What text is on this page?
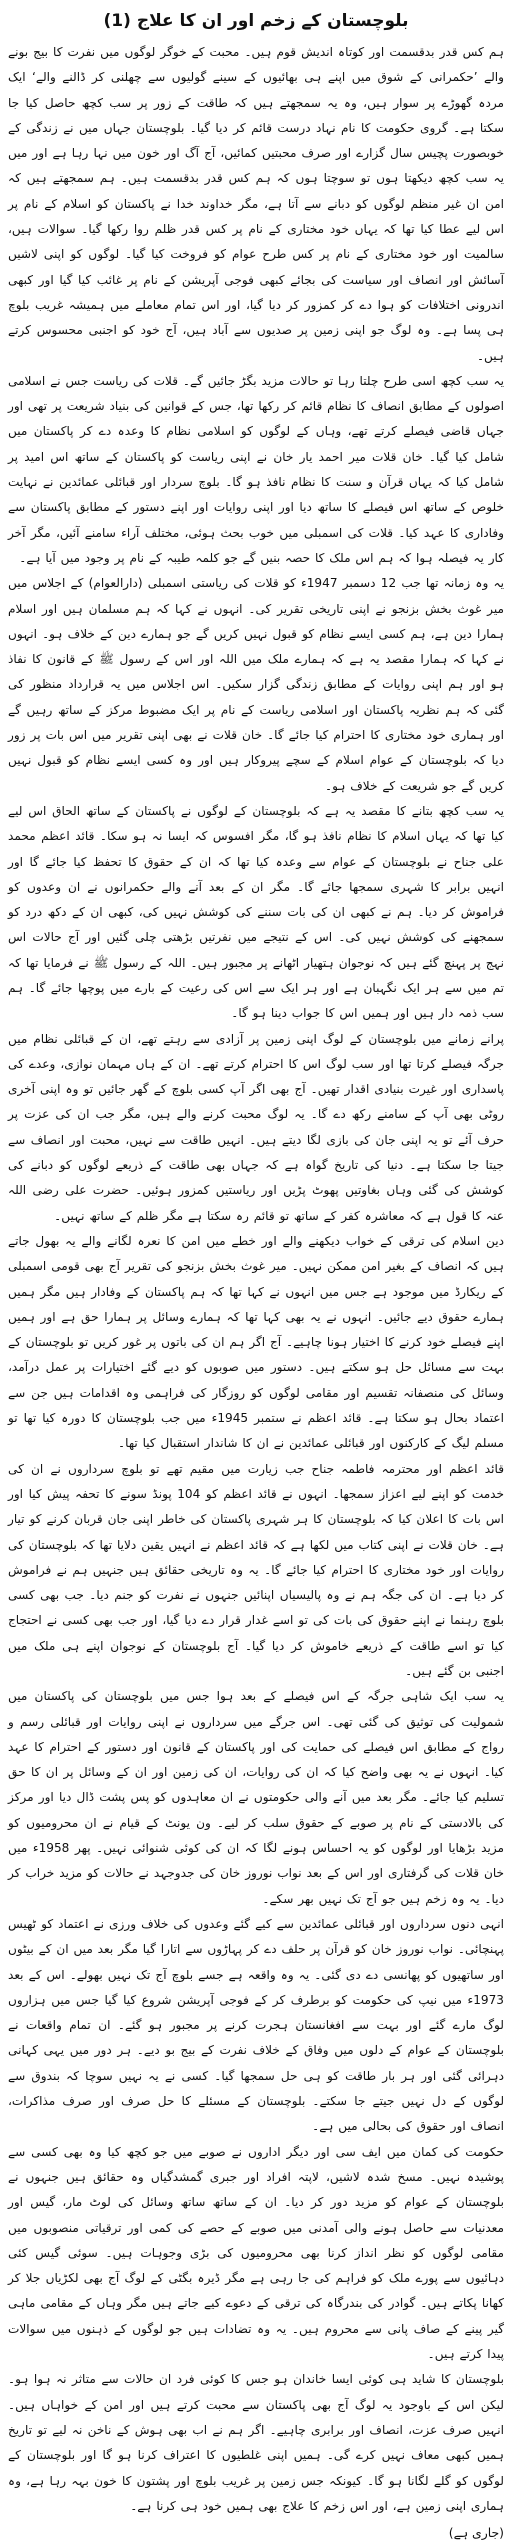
بلوچستان کے زخم اور ان کا علاج (1)

ہم کس قدر بدقسمت اور کوتاہ اندیش قوم ہیں۔ محبت کے خوگر لوگوں میں نفرت کا بیج بونے والے ’حکمرانی کے شوق میں اپنے ہی بھائیوں کے سینے گولیوں سے چھلنی کر ڈالنے والے‘ ایک مردہ گھوڑے پر سوار ہیں، وہ یہ سمجھتے ہیں کہ طاقت کے زور پر سب کچھ حاصل کیا جا سکتا ہے۔ گروی حکومت کا نام نہاد درست قائم کر دیا گیا۔ بلوچستان جہاں میں نے زندگی کے خوبصورت پچیس سال گزارے اور صرف محبتیں کمائیں، آج آگ اور خون میں نہا رہا ہے اور میں یہ سب کچھ دیکھتا ہوں تو سوچتا ہوں کہ ہم کس قدر بدقسمت ہیں۔ ہم سمجھتے ہیں کہ امن ان غیر منظم لوگوں کو دبانے سے آتا ہے، مگر خداوند خدا نے پاکستان کو اسلام کے نام پر اس لیے عطا کیا تھا کہ یہاں خود مختاری کے نام پر کس قدر ظلم روا رکھا گیا۔ سوالات ہیں، سالمیت اور خود مختاری کے نام پر کس طرح عوام کو فروخت کیا گیا۔ لوگوں کو اپنی لاشیں آسائش اور انصاف اور سیاست کی بجائے کبھی فوجی آپریشن کے نام پر غائب کیا گیا اور کبھی اندرونی اختلافات کو ہوا دے کر کمزور کر دیا گیا، اور اس تمام معاملے میں ہمیشہ غریب بلوچ ہی پسا ہے۔ وہ لوگ جو اپنی زمین پر صدیوں سے آباد ہیں، آج خود کو اجنبی محسوس کرتے ہیں۔

یہ سب کچھ اسی طرح چلتا رہا تو حالات مزید بگڑ جائیں گے۔ قلات کی ریاست جس نے اسلامی اصولوں کے مطابق انصاف کا نظام قائم کر رکھا تھا، جس کے قوانین کی بنیاد شریعت پر تھی اور جہاں قاضی فیصلے کرتے تھے، وہاں کے لوگوں کو اسلامی نظام کا وعدہ دے کر پاکستان میں شامل کیا گیا۔ خان قلات میر احمد یار خان نے اپنی ریاست کو پاکستان کے ساتھ اس امید پر شامل کیا کہ یہاں قرآن و سنت کا نظام نافذ ہو گا۔ بلوچ سردار اور قبائلی عمائدین نے نہایت خلوص کے ساتھ اس فیصلے کا ساتھ دیا اور اپنی روایات اور اپنے دستور کے مطابق پاکستان سے وفاداری کا عہد کیا۔ قلات کی اسمبلی میں خوب بحث ہوئی، مختلف آراء سامنے آئیں، مگر آخر کار یہ فیصلہ ہوا کہ ہم اس ملک کا حصہ بنیں گے جو کلمہ طیبہ کے نام پر وجود میں آیا ہے۔

یہ وہ زمانہ تھا جب 12 دسمبر 1947ء کو قلات کی ریاستی اسمبلی (دارالعوام) کے اجلاس میں میر غوث بخش بزنجو نے اپنی تاریخی تقریر کی۔ انہوں نے کہا کہ ہم مسلمان ہیں اور اسلام ہمارا دین ہے، ہم کسی ایسے نظام کو قبول نہیں کریں گے جو ہمارے دین کے خلاف ہو۔ انہوں نے کہا کہ ہمارا مقصد یہ ہے کہ ہمارے ملک میں اللہ اور اس کے رسول ﷺ کے قانون کا نفاذ ہو اور ہم اپنی روایات کے مطابق زندگی گزار سکیں۔ اس اجلاس میں یہ قرارداد منظور کی گئی کہ ہم نظریہ پاکستان اور اسلامی ریاست کے نام پر ایک مضبوط مرکز کے ساتھ رہیں گے اور ہماری خود مختاری کا احترام کیا جائے گا۔ خان قلات نے بھی اپنی تقریر میں اس بات پر زور دیا کہ بلوچستان کے عوام اسلام کے سچے پیروکار ہیں اور وہ کسی ایسے نظام کو قبول نہیں کریں گے جو شریعت کے خلاف ہو۔

یہ سب کچھ بتانے کا مقصد یہ ہے کہ بلوچستان کے لوگوں نے پاکستان کے ساتھ الحاق اس لیے کیا تھا کہ یہاں اسلام کا نظام نافذ ہو گا، مگر افسوس کہ ایسا نہ ہو سکا۔ قائد اعظم محمد علی جناح نے بلوچستان کے عوام سے وعدہ کیا تھا کہ ان کے حقوق کا تحفظ کیا جائے گا اور انہیں برابر کا شہری سمجھا جائے گا۔ مگر ان کے بعد آنے والے حکمرانوں نے ان وعدوں کو فراموش کر دیا۔ ہم نے کبھی ان کی بات سننے کی کوشش نہیں کی، کبھی ان کے دکھ درد کو سمجھنے کی کوشش نہیں کی۔ اس کے نتیجے میں نفرتیں بڑھتی چلی گئیں اور آج حالات اس نہج پر پہنچ گئے ہیں کہ نوجوان ہتھیار اٹھانے پر مجبور ہیں۔ اللہ کے رسول ﷺ نے فرمایا تھا کہ تم میں سے ہر ایک نگہبان ہے اور ہر ایک سے اس کی رعیت کے بارے میں پوچھا جائے گا۔ ہم سب ذمہ دار ہیں اور ہمیں اس کا جواب دینا ہو گا۔

پرانے زمانے میں بلوچستان کے لوگ اپنی زمین پر آزادی سے رہتے تھے، ان کے قبائلی نظام میں جرگہ فیصلے کرتا تھا اور سب لوگ اس کا احترام کرتے تھے۔ ان کے ہاں مہمان نوازی، وعدے کی پاسداری اور غیرت بنیادی اقدار تھیں۔ آج بھی اگر آپ کسی بلوچ کے گھر جائیں تو وہ اپنی آخری روٹی بھی آپ کے سامنے رکھ دے گا۔ یہ لوگ محبت کرنے والے ہیں، مگر جب ان کی عزت پر حرف آئے تو یہ اپنی جان کی بازی لگا دیتے ہیں۔ انہیں طاقت سے نہیں، محبت اور انصاف سے جیتا جا سکتا ہے۔ دنیا کی تاریخ گواہ ہے کہ جہاں بھی طاقت کے ذریعے لوگوں کو دبانے کی کوشش کی گئی وہاں بغاوتیں پھوٹ پڑیں اور ریاستیں کمزور ہوئیں۔ حضرت علی رضی اللہ عنہ کا قول ہے کہ معاشرہ کفر کے ساتھ تو قائم رہ سکتا ہے مگر ظلم کے ساتھ نہیں۔

دین اسلام کی ترقی کے خواب دیکھنے والے اور خطے میں امن کا نعرہ لگانے والے یہ بھول جاتے ہیں کہ انصاف کے بغیر امن ممکن نہیں۔ میر غوث بخش بزنجو کی تقریر آج بھی قومی اسمبلی کے ریکارڈ میں موجود ہے جس میں انہوں نے کہا تھا کہ ہم پاکستان کے وفادار ہیں مگر ہمیں ہمارے حقوق دیے جائیں۔ انہوں نے یہ بھی کہا تھا کہ ہمارے وسائل پر ہمارا حق ہے اور ہمیں اپنے فیصلے خود کرنے کا اختیار ہونا چاہیے۔ آج اگر ہم ان کی باتوں پر غور کریں تو بلوچستان کے بہت سے مسائل حل ہو سکتے ہیں۔ دستور میں صوبوں کو دیے گئے اختیارات پر عمل درآمد، وسائل کی منصفانہ تقسیم اور مقامی لوگوں کو روزگار کی فراہمی وہ اقدامات ہیں جن سے اعتماد بحال ہو سکتا ہے۔ قائد اعظم نے ستمبر 1945ء میں جب بلوچستان کا دورہ کیا تھا تو مسلم لیگ کے کارکنوں اور قبائلی عمائدین نے ان کا شاندار استقبال کیا تھا۔

قائد اعظم اور محترمہ فاطمہ جناح جب زیارت میں مقیم تھے تو بلوچ سرداروں نے ان کی خدمت کو اپنے لیے اعزاز سمجھا۔ انہوں نے قائد اعظم کو 104 پونڈ سونے کا تحفہ پیش کیا اور اس بات کا اعلان کیا کہ بلوچستان کا ہر شہری پاکستان کی خاطر اپنی جان قربان کرنے کو تیار ہے۔ خان قلات نے اپنی کتاب میں لکھا ہے کہ قائد اعظم نے انہیں یقین دلایا تھا کہ بلوچستان کی روایات اور خود مختاری کا احترام کیا جائے گا۔ یہ وہ تاریخی حقائق ہیں جنہیں ہم نے فراموش کر دیا ہے۔ ان کی جگہ ہم نے وہ پالیسیاں اپنائیں جنہوں نے نفرت کو جنم دیا۔ جب بھی کسی بلوچ رہنما نے اپنے حقوق کی بات کی تو اسے غدار قرار دے دیا گیا، اور جب بھی کسی نے احتجاج کیا تو اسے طاقت کے ذریعے خاموش کر دیا گیا۔ آج بلوچستان کے نوجوان اپنے ہی ملک میں اجنبی بن گئے ہیں۔

یہ سب ایک شاہی جرگہ کے اس فیصلے کے بعد ہوا جس میں بلوچستان کی پاکستان میں شمولیت کی توثیق کی گئی تھی۔ اس جرگے میں سرداروں نے اپنی روایات اور قبائلی رسم و رواج کے مطابق اس فیصلے کی حمایت کی اور پاکستان کے قانون اور دستور کے احترام کا عہد کیا۔ انہوں نے یہ بھی واضح کیا کہ ان کی روایات، ان کی زمین اور ان کے وسائل پر ان کا حق تسلیم کیا جائے۔ مگر بعد میں آنے والی حکومتوں نے ان معاہدوں کو پس پشت ڈال دیا اور مرکز کی بالادستی کے نام پر صوبے کے حقوق سلب کر لیے۔ ون یونٹ کے قیام نے ان محرومیوں کو مزید بڑھایا اور لوگوں کو یہ احساس ہونے لگا کہ ان کی کوئی شنوائی نہیں۔ پھر 1958ء میں خان قلات کی گرفتاری اور اس کے بعد نواب نوروز خان کی جدوجہد نے حالات کو مزید خراب کر دیا۔ یہ وہ زخم ہیں جو آج تک نہیں بھر سکے۔

انہی دنوں سرداروں اور قبائلی عمائدین سے کیے گئے وعدوں کی خلاف ورزی نے اعتماد کو ٹھیس پہنچائی۔ نواب نوروز خان کو قرآن پر حلف دے کر پہاڑوں سے اتارا گیا مگر بعد میں ان کے بیٹوں اور ساتھیوں کو پھانسی دے دی گئی۔ یہ وہ واقعہ ہے جسے بلوچ آج تک نہیں بھولے۔ اس کے بعد 1973ء میں نیپ کی حکومت کو برطرف کر کے فوجی آپریشن شروع کیا گیا جس میں ہزاروں لوگ مارے گئے اور بہت سے افغانستان ہجرت کرنے پر مجبور ہو گئے۔ ان تمام واقعات نے بلوچستان کے عوام کے دلوں میں وفاق کے خلاف نفرت کے بیج بو دیے۔ ہر دور میں یہی کہانی دہرائی گئی اور ہر بار طاقت کو ہی حل سمجھا گیا۔ کسی نے یہ نہیں سوچا کہ بندوق سے لوگوں کے دل نہیں جیتے جا سکتے۔ بلوچستان کے مسئلے کا حل صرف اور صرف مذاکرات، انصاف اور حقوق کی بحالی میں ہے۔

حکومت کی کمان میں ایف سی اور دیگر اداروں نے صوبے میں جو کچھ کیا وہ بھی کسی سے پوشیدہ نہیں۔ مسخ شدہ لاشیں، لاپتہ افراد اور جبری گمشدگیاں وہ حقائق ہیں جنہوں نے بلوچستان کے عوام کو مزید دور کر دیا۔ ان کے ساتھ ساتھ وسائل کی لوٹ مار، گیس اور معدنیات سے حاصل ہونے والی آمدنی میں صوبے کے حصے کی کمی اور ترقیاتی منصوبوں میں مقامی لوگوں کو نظر انداز کرنا بھی محرومیوں کی بڑی وجوہات ہیں۔ سوئی گیس کئی دہائیوں سے پورے ملک کو فراہم کی جا رہی ہے مگر ڈیرہ بگٹی کے لوگ آج بھی لکڑیاں جلا کر کھانا پکاتے ہیں۔ گوادر کی بندرگاہ کی ترقی کے دعوے کیے جاتے ہیں مگر وہاں کے مقامی ماہی گیر پینے کے صاف پانی سے محروم ہیں۔ یہ وہ تضادات ہیں جو لوگوں کے ذہنوں میں سوالات پیدا کرتے ہیں۔

بلوچستان کا شاید ہی کوئی ایسا خاندان ہو جس کا کوئی فرد ان حالات سے متاثر نہ ہوا ہو۔ لیکن اس کے باوجود یہ لوگ آج بھی پاکستان سے محبت کرتے ہیں اور امن کے خواہاں ہیں۔ انہیں صرف عزت، انصاف اور برابری چاہیے۔ اگر ہم نے اب بھی ہوش کے ناخن نہ لیے تو تاریخ ہمیں کبھی معاف نہیں کرے گی۔ ہمیں اپنی غلطیوں کا اعتراف کرنا ہو گا اور بلوچستان کے لوگوں کو گلے لگانا ہو گا۔ کیونکہ جس زمین پر غریب بلوچ اور پشتون کا خون بہہ رہا ہے، وہ ہماری اپنی زمین ہے، اور اس زخم کا علاج بھی ہمیں خود ہی کرنا ہے۔

(جاری ہے)
